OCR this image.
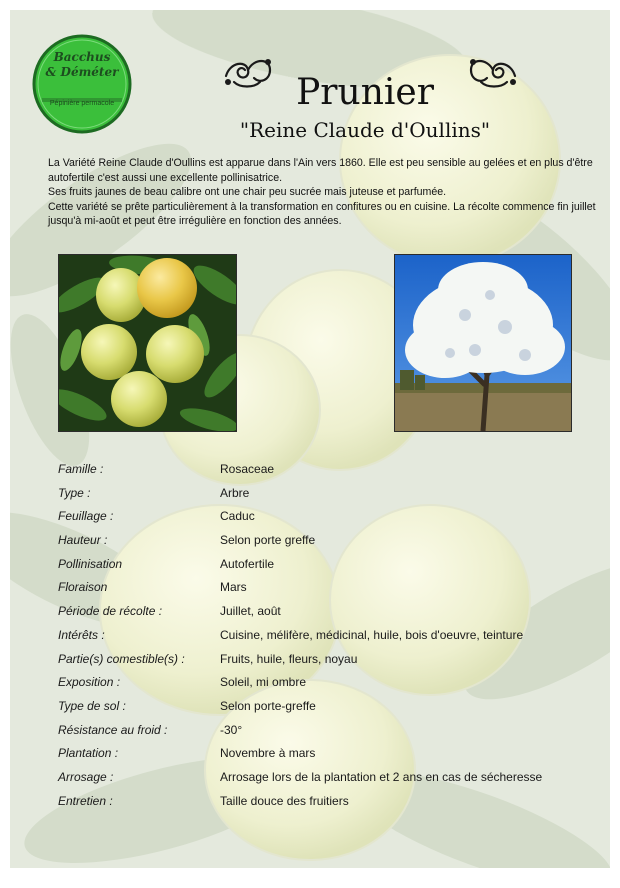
Bacchus
& Déméter
Pépinière permacole	Prunier
"Reine Claude d'Oullins"

La Variété Reine Claude d'Oullins est apparue dans l'Ain vers 1860. Elle est peu sensible au gelées et en plus d'être autofertile c'est aussi une excellente pollinisatrice.

Ses fruits jaunes de beau calibre ont une chair peu sucrée mais juteuse et parfumée.

Cette variété se prête particulièrement à la transformation en confitures ou en cuisine. La récolte commence fin juillet jusqu'à mi-août et peut être irrégulière en fonction des années.

Famille :	Rosaceae
Type :	Arbre
Feuillage :	Caduc
Hauteur :	Selon porte greffe
Pollinisation	Autofertile
Floraison	Mars
Période de récolte :	Juillet, août
Intérêts :	Cuisine, mélifère, médicinal, huile, bois d'oeuvre, teinture
Partie(s) comestible(s) :	Fruits, huile, fleurs, noyau
Exposition :	Soleil, mi ombre
Type de sol :	Selon porte-greffe
Résistance au froid :	-30°
Plantation :	Novembre à mars
Arrosage :	Arrosage lors de la plantation et 2 ans en cas de sécheresse
Entretien :	Taille douce des fruitiers
